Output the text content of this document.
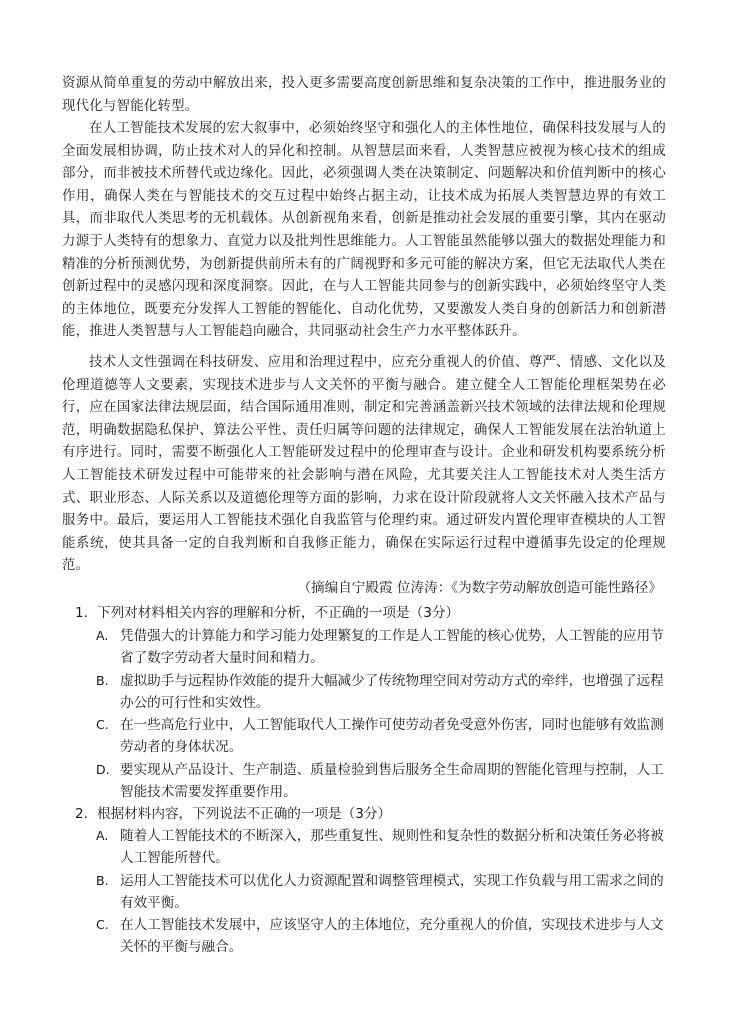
资源从简单重复的劳动中解放出来，投入更多需要高度创新思维和复杂决策的工作中，推进服务业的现代化与智能化转型。

在人工智能技术发展的宏大叙事中，必须始终坚守和强化人的主体性地位，确保科技发展与人的全面发展相协调，防止技术对人的异化和控制。从智慧层面来看，人类智慧应被视为核心技术的组成部分，而非被技术所替代或边缘化。因此，必须强调人类在决策制定、问题解决和价值判断中的核心作用，确保人类在与智能技术的交互过程中始终占据主动，让技术成为拓展人类智慧边界的有效工具，而非取代人类思考的无机载体。从创新视角来看，创新是推动社会发展的重要引擎，其内在驱动力源于人类特有的想象力、直觉力以及批判性思维能力。人工智能虽然能够以强大的数据处理能力和精准的分析预测优势，为创新提供前所未有的广阔视野和多元可能的解决方案，但它无法取代人类在创新过程中的灵感闪现和深度洞察。因此，在与人工智能共同参与的创新实践中，必须始终坚守人类的主体地位，既要充分发挥人工智能的智能化、自动化优势，又要激发人类自身的创新活力和创新潜能，推进人类智慧与人工智能趋向融合，共同驱动社会生产力水平整体跃升。

技术人文性强调在科技研发、应用和治理过程中，应充分重视人的价值、尊严、情感、文化以及伦理道德等人文要素，实现技术进步与人文关怀的平衡与融合。建立健全人工智能伦理框架势在必行，应在国家法律法规层面，结合国际通用准则，制定和完善涵盖新兴技术领域的法律法规和伦理规范，明确数据隐私保护、算法公平性、责任归属等问题的法律规定，确保人工智能发展在法治轨道上有序进行。同时，需要不断强化人工智能研发过程中的伦理审查与设计。企业和研发机构要系统分析人工智能技术研发过程中可能带来的社会影响与潜在风险，尤其要关注人工智能技术对人类生活方式、职业形态、人际关系以及道德伦理等方面的影响，力求在设计阶段就将人文关怀融入技术产品与服务中。最后，要运用人工智能技术强化自我监管与伦理约束。通过研发内置伦理审查模块的人工智能系统，使其具备一定的自我判断和自我修正能力，确保在实际运行过程中遵循事先设定的伦理规范。

（摘编自宁殿霞 位涛涛：《为数字劳动解放创造可能性路径》

1. 下列对材料相关内容的理解和分析，不正确的一项是（3分）
A. 凭借强大的计算能力和学习能力处理繁复的工作是人工智能的核心优势，人工智能的应用节省了数字劳动者大量时间和精力。
B. 虚拟助手与远程协作效能的提升大幅减少了传统物理空间对劳动方式的牵绊，也增强了远程办公的可行性和实效性。
C. 在一些高危行业中，人工智能取代人工操作可使劳动者免受意外伤害，同时也能够有效监测劳动者的身体状况。
D. 要实现从产品设计、生产制造、质量检验到售后服务全生命周期的智能化管理与控制，人工智能技术需要发挥重要作用。
2. 根据材料内容，下列说法不正确的一项是（3分）
A. 随着人工智能技术的不断深入，那些重复性、规则性和复杂性的数据分析和决策任务必将被人工智能所替代。
B. 运用人工智能技术可以优化人力资源配置和调整管理模式，实现工作负载与用工需求之间的有效平衡。
C. 在人工智能技术发展中，应该坚守人的主体地位，充分重视人的价值，实现技术进步与人文关怀的平衡与融合。
